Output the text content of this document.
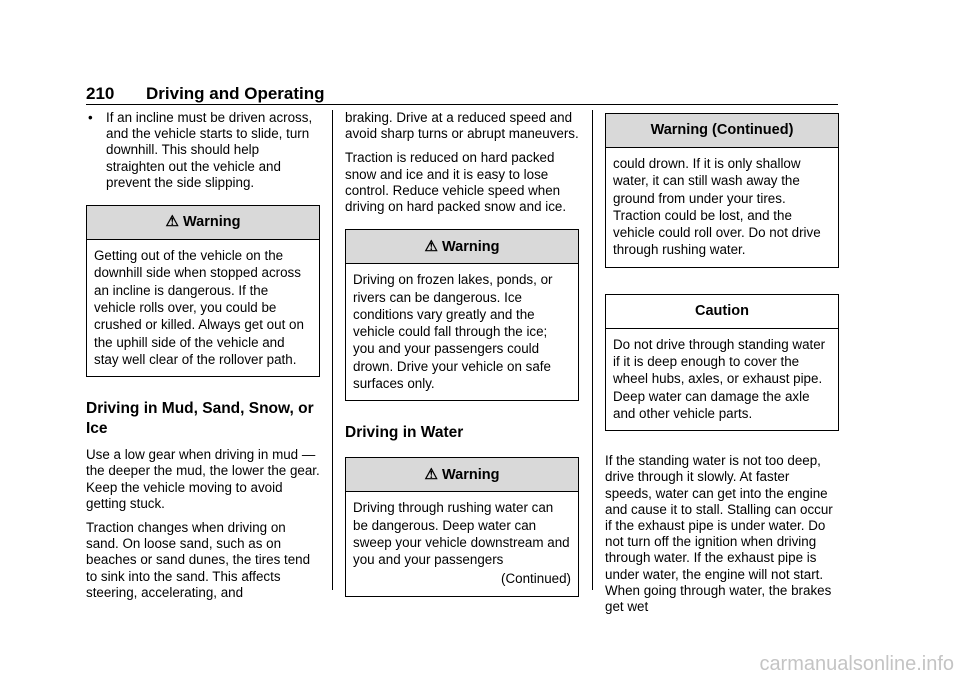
210 Driving and Operating
• If an incline must be driven across, and the vehicle starts to slide, turn downhill. This should help straighten out the vehicle and prevent the side slipping.
⚠ Warning
Getting out of the vehicle on the downhill side when stopped across an incline is dangerous. If the vehicle rolls over, you could be crushed or killed. Always get out on the uphill side of the vehicle and stay well clear of the rollover path.
Driving in Mud, Sand, Snow, or Ice

Use a low gear when driving in mud — the deeper the mud, the lower the gear. Keep the vehicle moving to avoid getting stuck.

Traction changes when driving on sand. On loose sand, such as on beaches or sand dunes, the tires tend to sink into the sand. This affects steering, accelerating, and

braking. Drive at a reduced speed and avoid sharp turns or abrupt maneuvers.

Traction is reduced on hard packed snow and ice and it is easy to lose control. Reduce vehicle speed when driving on hard packed snow and ice.

⚠ Warning
Driving on frozen lakes, ponds, or rivers can be dangerous. Ice conditions vary greatly and the vehicle could fall through the ice; you and your passengers could drown. Drive your vehicle on safe surfaces only.
Driving in Water
⚠ Warning
Driving through rushing water can be dangerous. Deep water can sweep your vehicle downstream and you and your passengers
(Continued)
Warning (Continued)
could drown. If it is only shallow water, it can still wash away the ground from under your tires. Traction could be lost, and the vehicle could roll over. Do not drive through rushing water.
Caution
Do not drive through standing water if it is deep enough to cover the wheel hubs, axles, or exhaust pipe. Deep water can damage the axle and other vehicle parts.

If the standing water is not too deep, drive through it slowly. At faster speeds, water can get into the engine and cause it to stall. Stalling can occur if the exhaust pipe is under water. Do not turn off the ignition when driving through water. If the exhaust pipe is under water, the engine will not start. When going through water, the brakes get wet

carmanualsonline.info
